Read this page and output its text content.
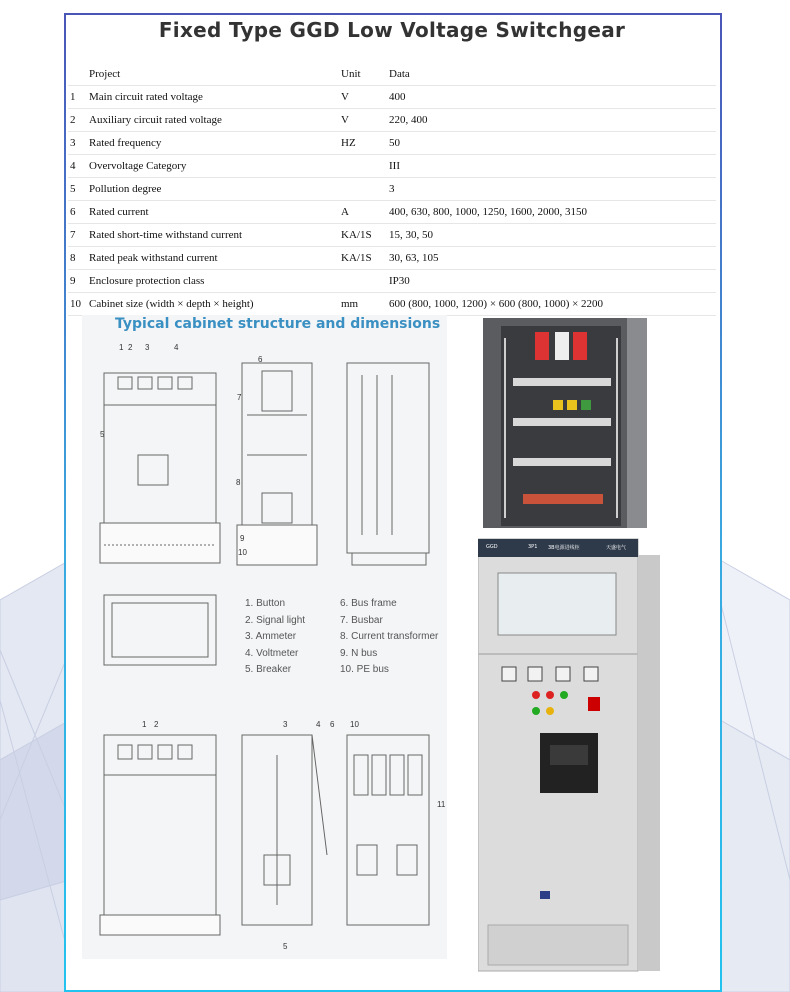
Fixed Type GGD Low Voltage Switchgear
	Project	Unit	Data
1	Main circuit rated voltage	V	400
2	Auxiliary circuit rated voltage	V	220, 400
3	Rated frequency	HZ	50
4	Overvoltage Category		III
5	Pollution degree		3
6	Rated current	A	400, 630, 800, 1000, 1250, 1600, 2000, 3150
7	Rated short-time withstand current	KA/1S	15, 30, 50
8	Rated peak withstand current	KA/1S	30, 63, 105
9	Enclosure protection class		IP30
10	Cabinet size (width × depth × height)	mm	600 (800, 1000, 1200) × 600 (800, 1000) × 2200
Typical cabinet structure and dimensions
1. Button
2. Signal light
3. Ammeter
4. Voltmeter
5. Breaker
6. Bus frame
7. Busbar
8. Current transformer
9. N bus
10. PE bus
1 2 3	4
5
6
7
8
9
10
1 2	3	4
5
6 10
11
GGD	3P1 3B电源进线柜	天盛电气
